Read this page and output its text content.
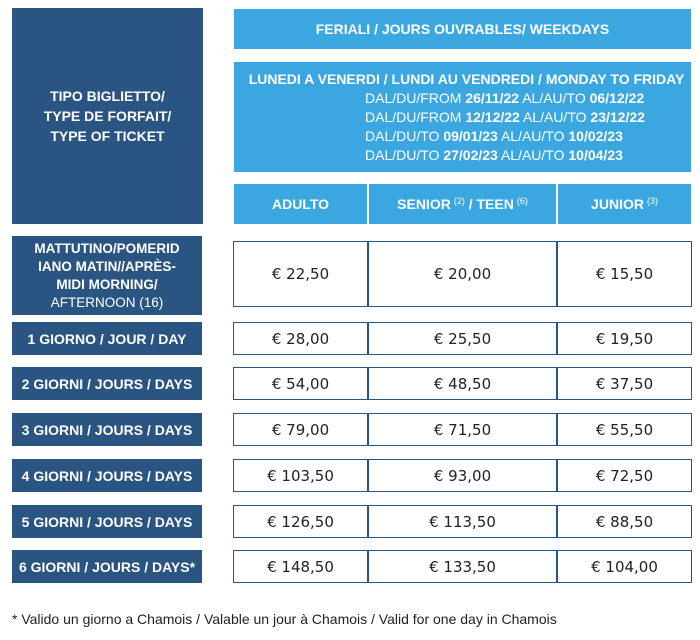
TIPO BIGLIETTO/
TYPE DE FORFAIT/
TYPE OF TICKET
FERIALI / JOURS OUVRABLES/ WEEKDAYS
LUNEDI A VENERDI / LUNDI AU VENDREDI / MONDAY TO FRIDAY
DAL/DU/FROM 26/11/22 AL/AU/TO 06/12/22
DAL/DU/FROM 12/12/22 AL/AU/TO 23/12/22
DAL/DU/TO 09/01/23 AL/AU/TO 10/02/23
DAL/DU/TO 27/02/23 AL/AU/TO 10/04/23
ADULTO	SENIOR $^{(2)}$ / TEEN $^{(6)}$	JUNIOR $^{(3)}$
MATTUTINO/POMERID
IANO MATIN//APRÈS-
MIDI MORNING/
AFTERNOON (16)
€ 22,50	€ 20,00	€ 15,50
1 GIORNO / JOUR / DAY	€ 28,00	€ 25,50	€ 19,50
2 GIORNI / JOURS / DAYS	€ 54,00	€ 48,50	€ 37,50
3 GIORNI / JOURS / DAYS	€ 79,00	€ 71,50	€ 55,50
4 GIORNI / JOURS / DAYS	€ 103,50	€ 93,00	€ 72,50
5 GIORNI / JOURS / DAYS	€ 126,50	€ 113,50	€ 88,50
6 GIORNI / JOURS / DAYS*	€ 148,50	€ 133,50	€ 104,00
* Valido un giorno a Chamois / Valable un jour à Chamois / Valid for one day in Chamois
